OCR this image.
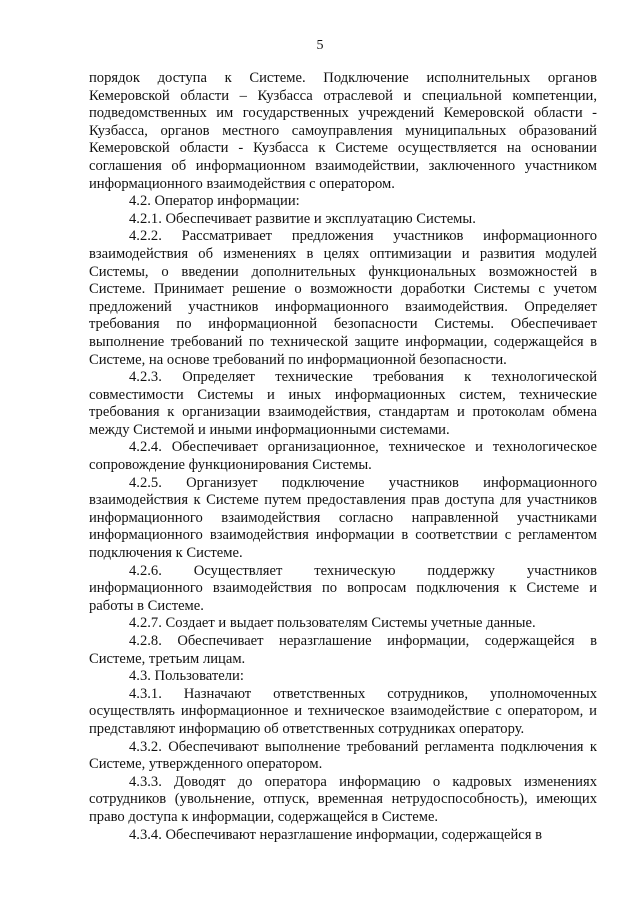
5

порядок доступа к Системе. Подключение исполнительных органов Кемеровской области – Кузбасса отраслевой и специальной компетенции, подведомственных им государственных учреждений Кемеровской области - Кузбасса, органов местного самоуправления муниципальных образований Кемеровской области - Кузбасса к Системе осуществляется на основании соглашения об информационном взаимодействии, заключенного участником информационного взаимодействия с оператором.

4.2. Оператор информации:

4.2.1. Обеспечивает развитие и эксплуатацию Системы.

4.2.2. Рассматривает предложения участников информационного взаимодействия об изменениях в целях оптимизации и развития модулей Системы, о введении дополнительных функциональных возможностей в Системе. Принимает решение о возможности доработки Системы с учетом предложений участников информационного взаимодействия. Определяет требования по информационной безопасности Системы. Обеспечивает выполнение требований по технической защите информации, содержащейся в Системе, на основе требований по информационной безопасности.

4.2.3. Определяет технические требования к технологической совместимости Системы и иных информационных систем, технические требования к организации взаимодействия, стандартам и протоколам обмена между Системой и иными информационными системами.

4.2.4. Обеспечивает организационное, техническое и технологическое сопровождение функционирования Системы.

4.2.5. Организует подключение участников информационного взаимодействия к Системе путем предоставления прав доступа для участников информационного взаимодействия согласно направленной участниками информационного взаимодействия информации в соответствии с регламентом подключения к Системе.

4.2.6. Осуществляет техническую поддержку участников информационного взаимодействия по вопросам подключения к Системе и работы в Системе.

4.2.7. Создает и выдает пользователям Системы учетные данные.

4.2.8. Обеспечивает неразглашение информации, содержащейся в Системе, третьим лицам.

4.3. Пользователи:

4.3.1. Назначают ответственных сотрудников, уполномоченных осуществлять информационное и техническое взаимодействие с оператором, и представляют информацию об ответственных сотрудниках оператору.

4.3.2. Обеспечивают выполнение требований регламента подключения к Системе, утвержденного оператором.

4.3.3. Доводят до оператора информацию о кадровых изменениях сотрудников (увольнение, отпуск, временная нетрудоспособность), имеющих право доступа к информации, содержащейся в Системе.

4.3.4. Обеспечивают неразглашение информации, содержащейся в
